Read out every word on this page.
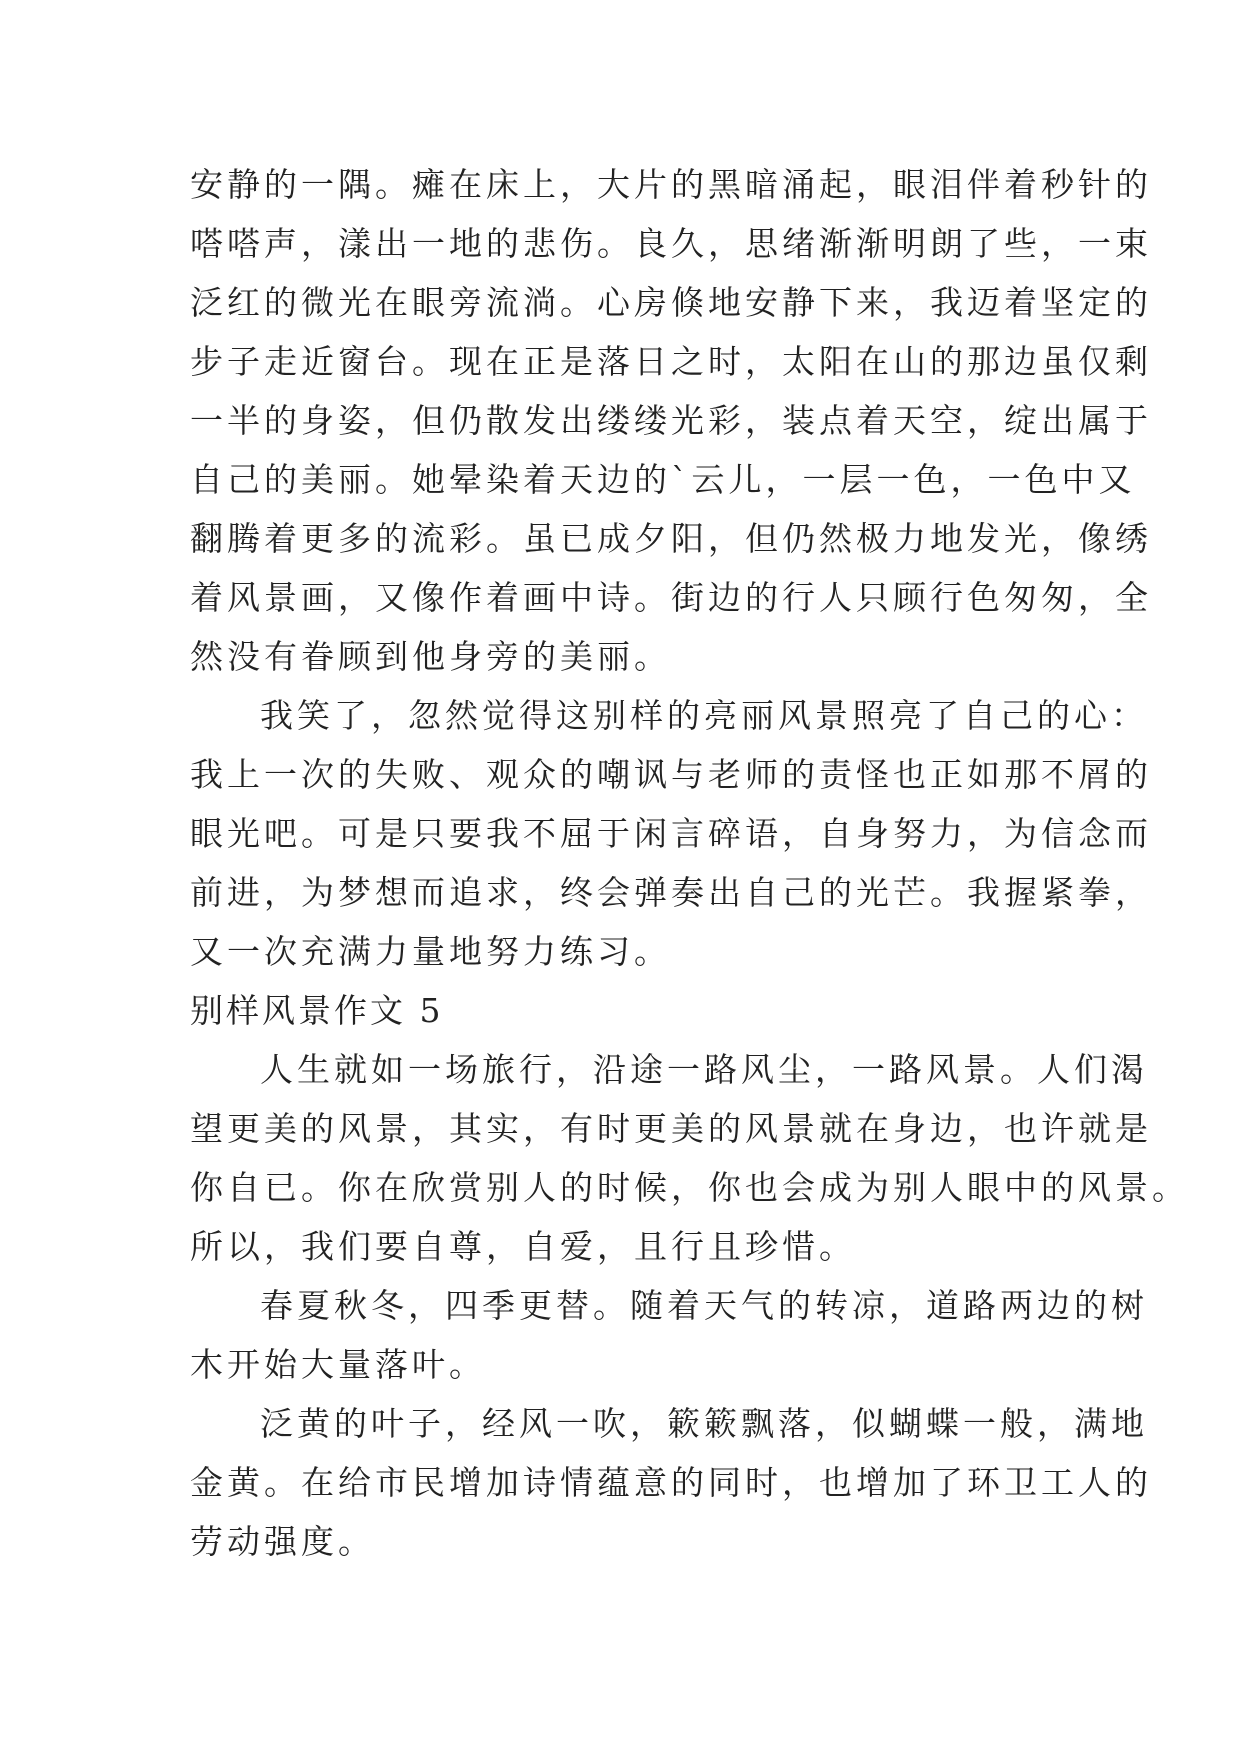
安静的一隅。瘫在床上，大片的黑暗涌起，眼泪伴着秒针的
嗒嗒声，漾出一地的悲伤。良久，思绪渐渐明朗了些，一束
泛红的微光在眼旁流淌。心房倏地安静下来，我迈着坚定的
步子走近窗台。现在正是落日之时，太阳在山的那边虽仅剩
一半的身姿，但仍散发出缕缕光彩，装点着天空，绽出属于
自己的美丽。她晕染着天边的`云儿，一层一色，一色中又
翻腾着更多的流彩。虽已成夕阳，但仍然极力地发光，像绣
着风景画，又像作着画中诗。街边的行人只顾行色匆匆，全
然没有眷顾到他身旁的美丽。
我笑了，忽然觉得这别样的亮丽风景照亮了自己的心：
我上一次的失败、观众的嘲讽与老师的责怪也正如那不屑的
眼光吧。可是只要我不屈于闲言碎语，自身努力，为信念而
前进，为梦想而追求，终会弹奏出自己的光芒。我握紧拳，
又一次充满力量地努力练习。
别样风景作文 5
人生就如一场旅行，沿途一路风尘，一路风景。人们渴
望更美的风景，其实，有时更美的风景就在身边，也许就是
你自已。你在欣赏别人的时候，你也会成为别人眼中的风景。
所以，我们要自尊，自爱，且行且珍惜。
春夏秋冬，四季更替。随着天气的转凉，道路两边的树
木开始大量落叶。
泛黄的叶子，经风一吹，簌簌飘落，似蝴蝶一般，满地
金黄。在给市民增加诗情蕴意的同时，也增加了环卫工人的
劳动强度。
